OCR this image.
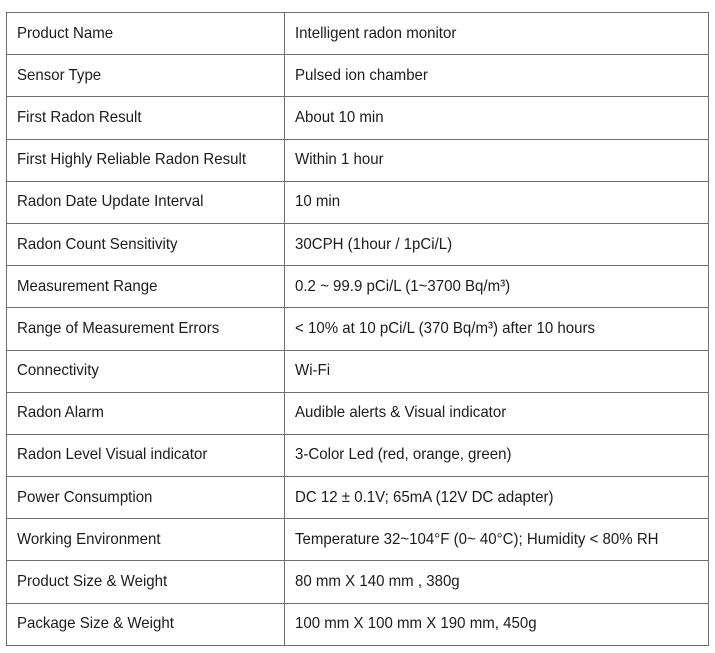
Product Name	Intelligent radon monitor
Sensor Type	Pulsed ion chamber
First Radon Result	About 10 min
First Highly Reliable Radon Result	Within 1 hour
Radon Date Update Interval	10 min
Radon Count Sensitivity	30CPH (1hour / 1pCi/L)
Measurement Range	0.2 ~ 99.9 pCi/L (1~3700 Bq/m³)
Range of Measurement Errors	< 10% at 10 pCi/L (370 Bq/m³) after 10 hours
Connectivity	Wi-Fi
Radon Alarm	Audible alerts & Visual indicator
Radon Level Visual indicator	3-Color Led (red, orange, green)
Power Consumption	DC 12 ± 0.1V; 65mA (12V DC adapter)
Working Environment	Temperature 32~104°F (0~ 40°C); Humidity < 80% RH
Product Size & Weight	80 mm X 140 mm , 380g
Package Size & Weight	100 mm X 100 mm X 190 mm, 450g
